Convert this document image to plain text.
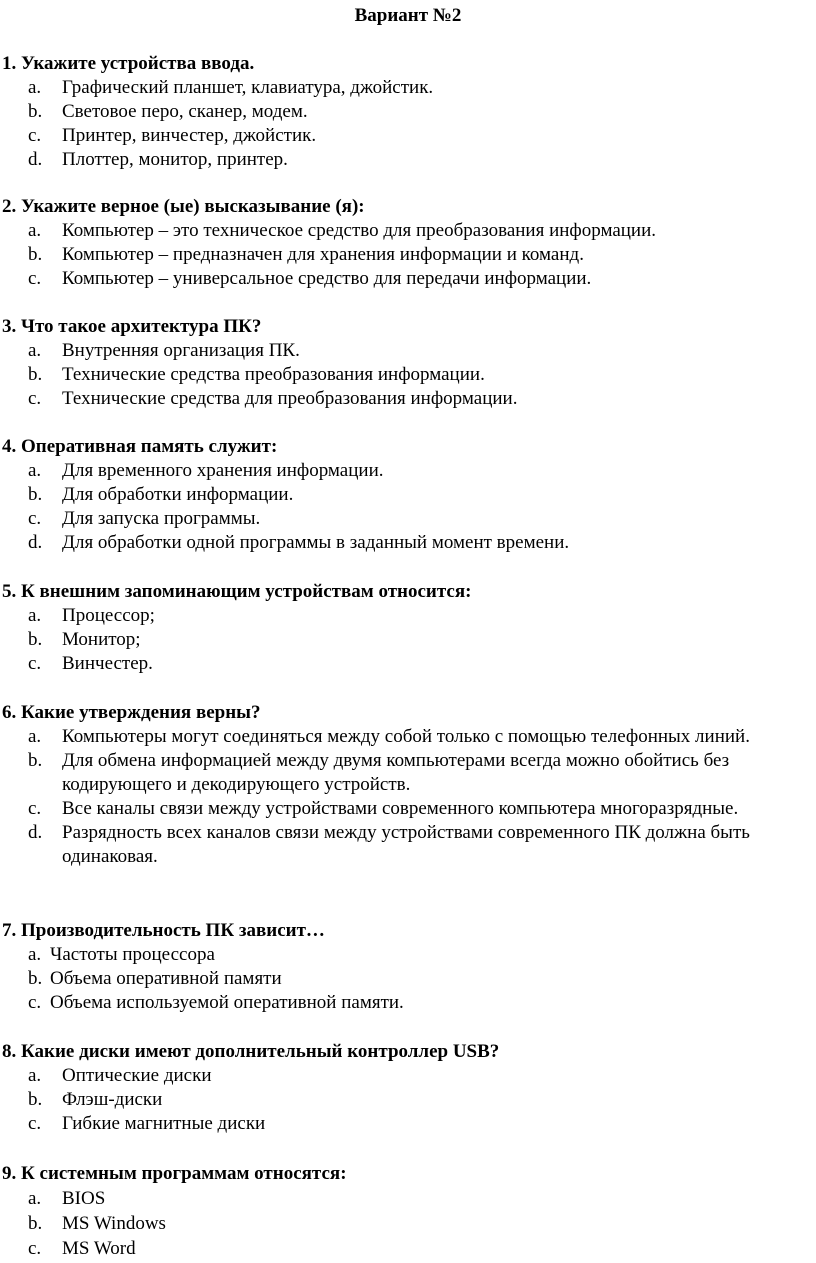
Вариант №2

1. Укажите устройства ввода.

a. Графический планшет, клавиатура, джойстик.
b. Световое перо, сканер, модем.
c. Принтер, винчестер, джойстик.
d. Плоттер, монитор, принтер.

2. Укажите верное (ые) высказывание (я):

a. Компьютер – это техническое средство для преобразования информации.
b. Компьютер – предназначен для хранения информации и команд.
c. Компьютер – универсальное средство для передачи информации.

3. Что такое архитектура ПК?

a. Внутренняя организация ПК.
b. Технические средства преобразования информации.
c. Технические средства для преобразования информации.

4. Оперативная память служит:

a. Для временного хранения информации.
b. Для обработки информации.
c. Для запуска программы.
d. Для обработки одной программы в заданный момент времени.

5. К внешним запоминающим устройствам относится:

a. Процессор;
b. Монитор;
c. Винчестер.

6. Какие утверждения верны?

a. Компьютеры могут соединяться между собой только с помощью телефонных линий.
b. Для обмена информацией между двумя компьютерами всегда можно обойтись без кодирующего и декодирующего устройств.
c. Все каналы связи между устройствами современного компьютера многоразрядные.
d. Разрядность всех каналов связи между устройствами современного ПК должна быть одинаковая.

7. Производительность ПК зависит…

a. Частоты процессора
b. Объема оперативной памяти
c. Объема используемой оперативной памяти.

8. Какие диски имеют дополнительный контроллер USB?

a. Оптические диски
b. Флэш-диски
c. Гибкие магнитные диски

9. К системным программам относятся:

a. BIOS
b. MS Windows
c. MS Word
